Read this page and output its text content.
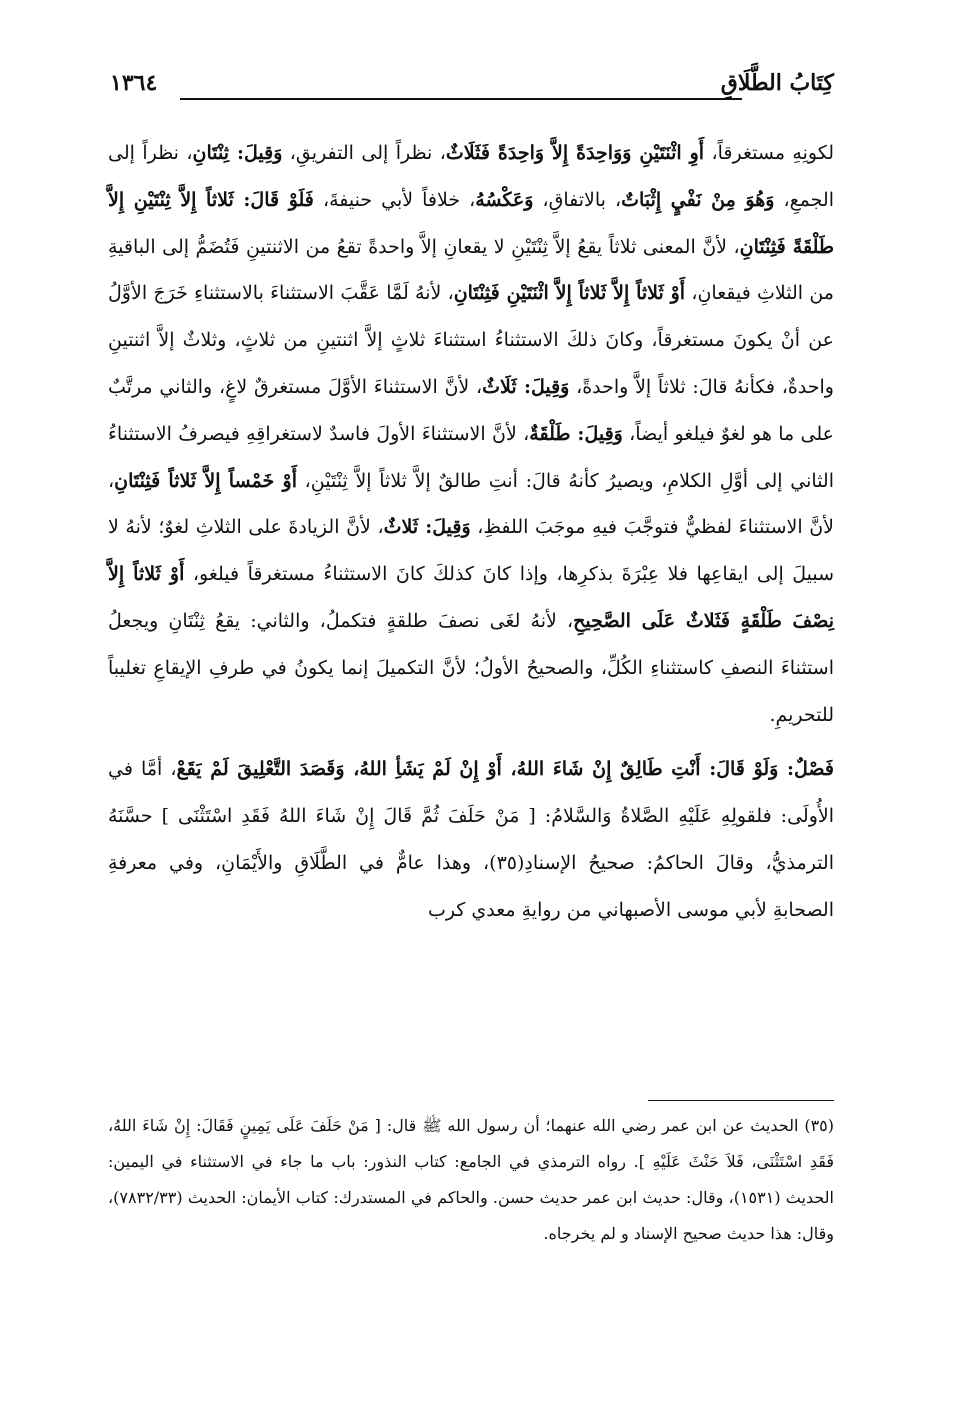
كِتَابُ الطَّلَاقِ
١٣٦٤

لكونِهِ مستغرقاً، أَوِ اثْنَتَيْنِ وَوَاحِدَةً إِلاَّ وَاحِدَةً فَثَلَاثٌ، نظراً إلى التفريقِ، وَقِيلَ: ثِنْتَانِ، نظراً إلى الجمعِ، وَهُوَ مِنْ نَفْيٍ إِثْبَاتٌ، بالاتفاقِ، وَعَكْسُهُ، خلافاً لأبي حنيفةَ، فَلَوْ قَالَ: ثَلاثاً إِلاَّ ثِنْتَيْنِ إِلاَّ طَلْقَةً فَثِنْتَانِ، لأنَّ المعنى ثلاثاً يقعُ إلاَّ ثِنْتَيْنِ لا يقعانِ إلاَّ واحدةً تقعُ من الاثنتينِ فَتُضَمُّ إلى الباقيةِ من الثلاثِ فيقعانِ، أَوْ ثَلاثاً إِلاَّ ثَلاثاً إِلاَّ اثْنَتَيْنِ فَثِنْتَانِ، لأنهُ لَمَّا عَقَّبَ الاستثناءَ بالاستثناءِ خَرَجَ الأوَّلُ عن أنْ يكونَ مستغرقاً، وكانَ ذلكَ الاستثناءُ استثناءَ ثلاثٍ إلاَّ اثنتينِ من ثلاثٍ، وثلاثٌ إلاَّ اثنتينِ واحدةٌ، فكأنهُ قالَ: ثلاثاً إلاَّ واحدةً، وَقِيلَ: ثَلَاثٌ، لأنَّ الاستثناءَ الأوَّلَ مستغرقٌ لاغٍ، والثاني مرتَّبٌ على ما هو لغوٌ فيلغو أيضاً، وَقِيلَ: طَلْقَةٌ، لأنَّ الاستثناءَ الأولَ فاسدٌ لاستغراقِهِ فيصرفُ الاستثناءُ الثاني إلى أوَّلِ الكلامِ، ويصيرُ كأنهُ قالَ: أنتِ طالقٌ إلاَّ ثلاثاً إلاَّ ثِنْتَيْنِ، أَوْ خَمْساً إِلاَّ ثَلاثاً فَثِنْتَانِ، لأنَّ الاستثناءَ لفظيٌّ فتوجَّبَ فيهِ موجَبَ اللفظِ، وَقِيلَ: ثَلاثٌ، لأنَّ الزيادةَ على الثلاثِ لغوٌ؛ لأنهُ لا سبيلَ إلى ايقاعِها فلا عِبْرَةَ بذكرِها، وإذا كانَ كذلكَ كانَ الاستثناءُ مستغرقاً فيلغو، أَوْ ثَلاثاً إِلاَّ نِصْفَ طَلْقَةٍ فَثَلاثٌ عَلَى الصَّحِيحِ، لأنهُ لغَى نصفَ طلقةٍ فتكملُ، والثاني: يقعُ ثِنْتَانِ ويجعلُ استثناءَ النصفِ كاستثناءِ الكُلِّ، والصحيحُ الأولُ؛ لأنَّ التكميلَ إنما يكونُ في طرفِ الإيقاعِ تغليباً للتحريمِ.

فَصْلٌ: وَلَوْ قَالَ: أَنْتِ طَالِقٌ إِنْ شَاءَ اللهُ، أَوْ إِنْ لَمْ يَشَأِ اللهُ، وَقَصَدَ التَّعْلِيقَ لَمْ يَقَعْ، أمَّا في الأُولَى: فلقولِهِ عَلَيْهِ الصَّلاةُ وَالسَّلامُ: [ مَنْ حَلَفَ ثُمَّ قَالَ إِنْ شَاءَ اللهُ فَقَدِ اسْتَثْنَى ] حسَّنَهُ الترمذيُّ، وقالَ الحاكمُ: صحيحُ الإسنادِ(٣٥)، وهذا عامٌّ في الطَّلَاقِ والأَيْمَانِ، وفي معرفةِ الصحابةِ لأبي موسى الأصبهاني من روايةِ معدي كرب

(٣٥) الحديث عن ابن عمر رضي الله عنهما؛ أن رسول الله ﷺ قال: [ مَنْ حَلَفَ عَلَى يَمِينٍ فَقَالَ: إِنْ شَاءَ اللهُ، فَقَدِ اسْتَثْنَى، فَلاَ حَنْثَ عَلَيْهِ ]. رواه الترمذي في الجامع: كتاب النذور: باب ما جاء في الاستثناء في اليمين: الحديث (١٥٣١)، وقال: حديث ابن عمر حديث حسن. والحاكم في المستدرك: كتاب الأيمان: الحديث (٧٨٣٢/٣٣)، وقال: هذا حديث صحيح الإسناد و لم يخرجاه.
